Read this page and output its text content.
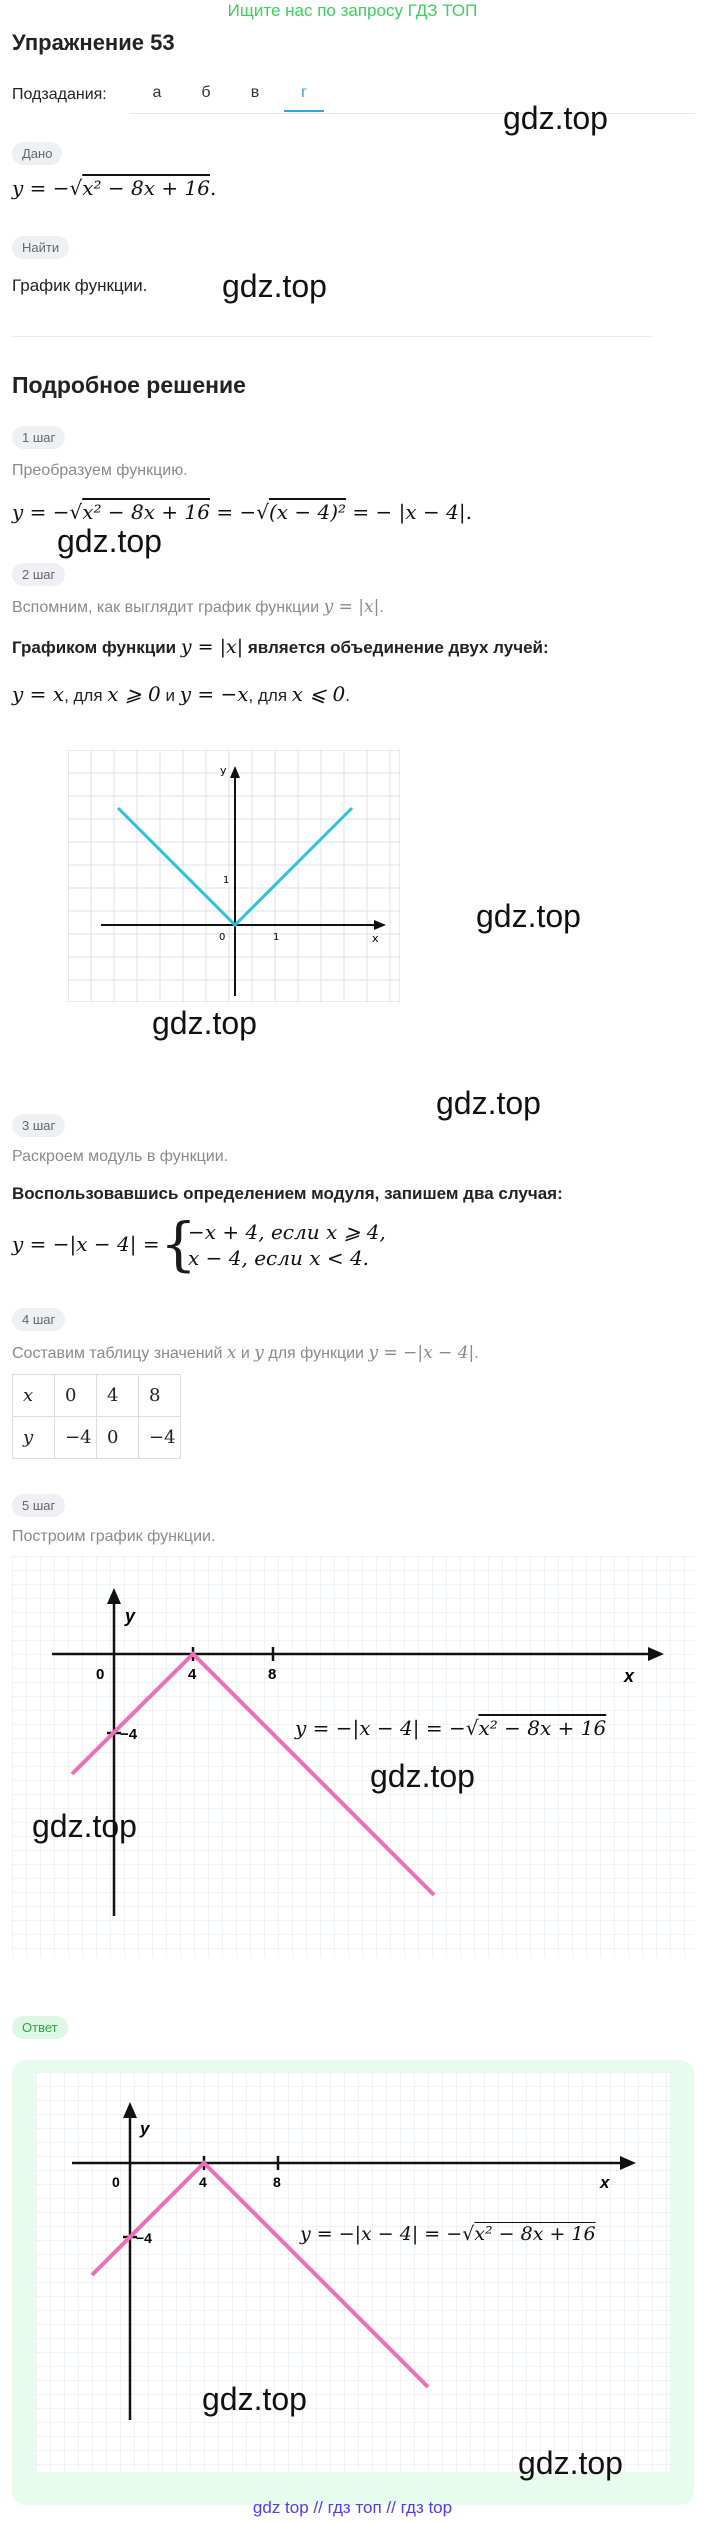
Ищите нас по запросу ГДЗ ТОП
Упражнение 53
Подзадания:	а	б	в	г
gdz.top
Дано
y = −√x² − 8x + 16.
Найти
График функции. gdz.top
Подробное решение
1 шаг
Преобразуем функцию.
y = −√x² − 8x + 16 = −√(x − 4)² = − |x − 4|.
gdz.top
2 шаг
Вспомним, как выглядит график функции y = |x|.
Графиком функции y = |x| является объединение двух лучей:
y = x, для x ⩾ 0 и y = −x, для x ⩽ 0.
y
x
0	1
1
gdz.top
gdz.top
gdz.top
3 шаг
Раскроем модуль в функции.
Воспользовавшись определением модуля, запишем два случая:
y = −|x − 4| = {
−x + 4, если x ⩾ 4,
x − 4, если x < 4.
4 шаг
Составим таблицу значений x и y для функции y = −|x − 4|.
x	0	4	8
y	−4	0	−4
5 шаг
Построим график функции.
y
x
0	4	8
−4	y = −|x − 4| = −√x² − 8x + 16
gdz.top
gdz.top
Ответ
y
x
0	4	8
−4	y = −|x − 4| = −√x² − 8x + 16
gdz.top
gdz.top
gdz top // гдз топ // гдз top
